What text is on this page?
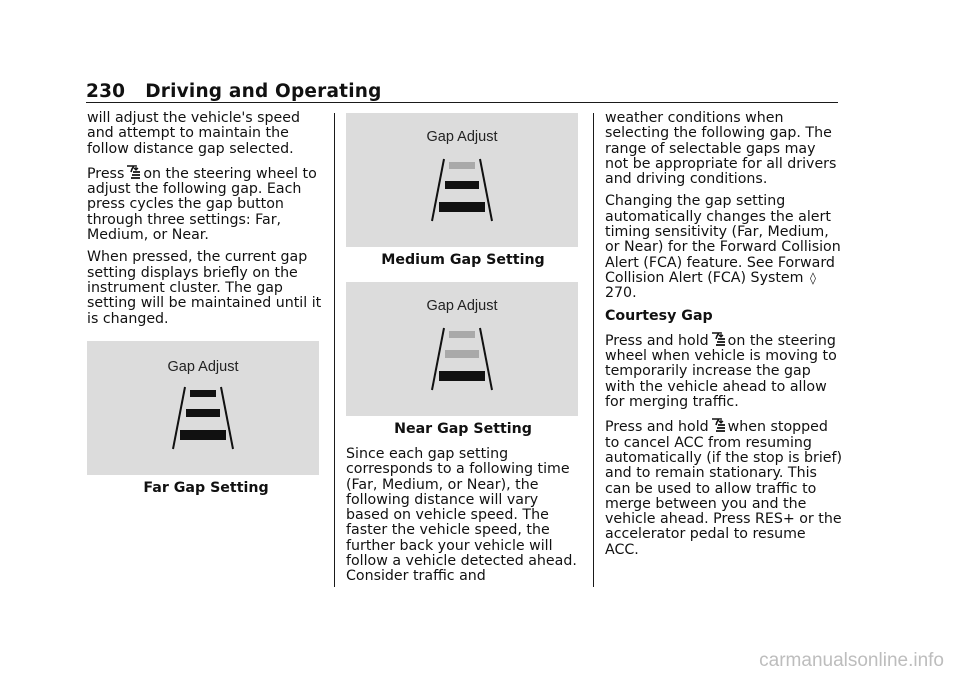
230 Driving and Operating

will adjust the vehicle's speed and attempt to maintain the follow distance gap selected.

Press on the steering wheel to adjust the following gap. Each press cycles the gap button through three settings: Far, Medium, or Near.

When pressed, the current gap setting displays briefly on the instrument cluster. The gap setting will be maintained until it is changed.

Gap Adjust
Far Gap Setting
Gap Adjust
Medium Gap Setting
Gap Adjust
Near Gap Setting

Since each gap setting corresponds to a following time (Far, Medium, or Near), the following distance will vary based on vehicle speed. The faster the vehicle speed, the further back your vehicle will follow a vehicle detected ahead. Consider traffic and

weather conditions when selecting the following gap. The range of selectable gaps may not be appropriate for all drivers and driving conditions.

Changing the gap setting automatically changes the alert timing sensitivity (Far, Medium, or Near) for the Forward Collision Alert (FCA) feature. See Forward Collision Alert (FCA) System ◊270.

Courtesy Gap

Press and hold on the steering wheel when vehicle is moving to temporarily increase the gap with the vehicle ahead to allow for merging traffic.

Press and hold when stopped to cancel ACC from resuming automatically (if the stop is brief) and to remain stationary. This can be used to allow traffic to merge between you and the vehicle ahead. Press RES+ or the accelerator pedal to resume ACC.

carmanualsonline.info
